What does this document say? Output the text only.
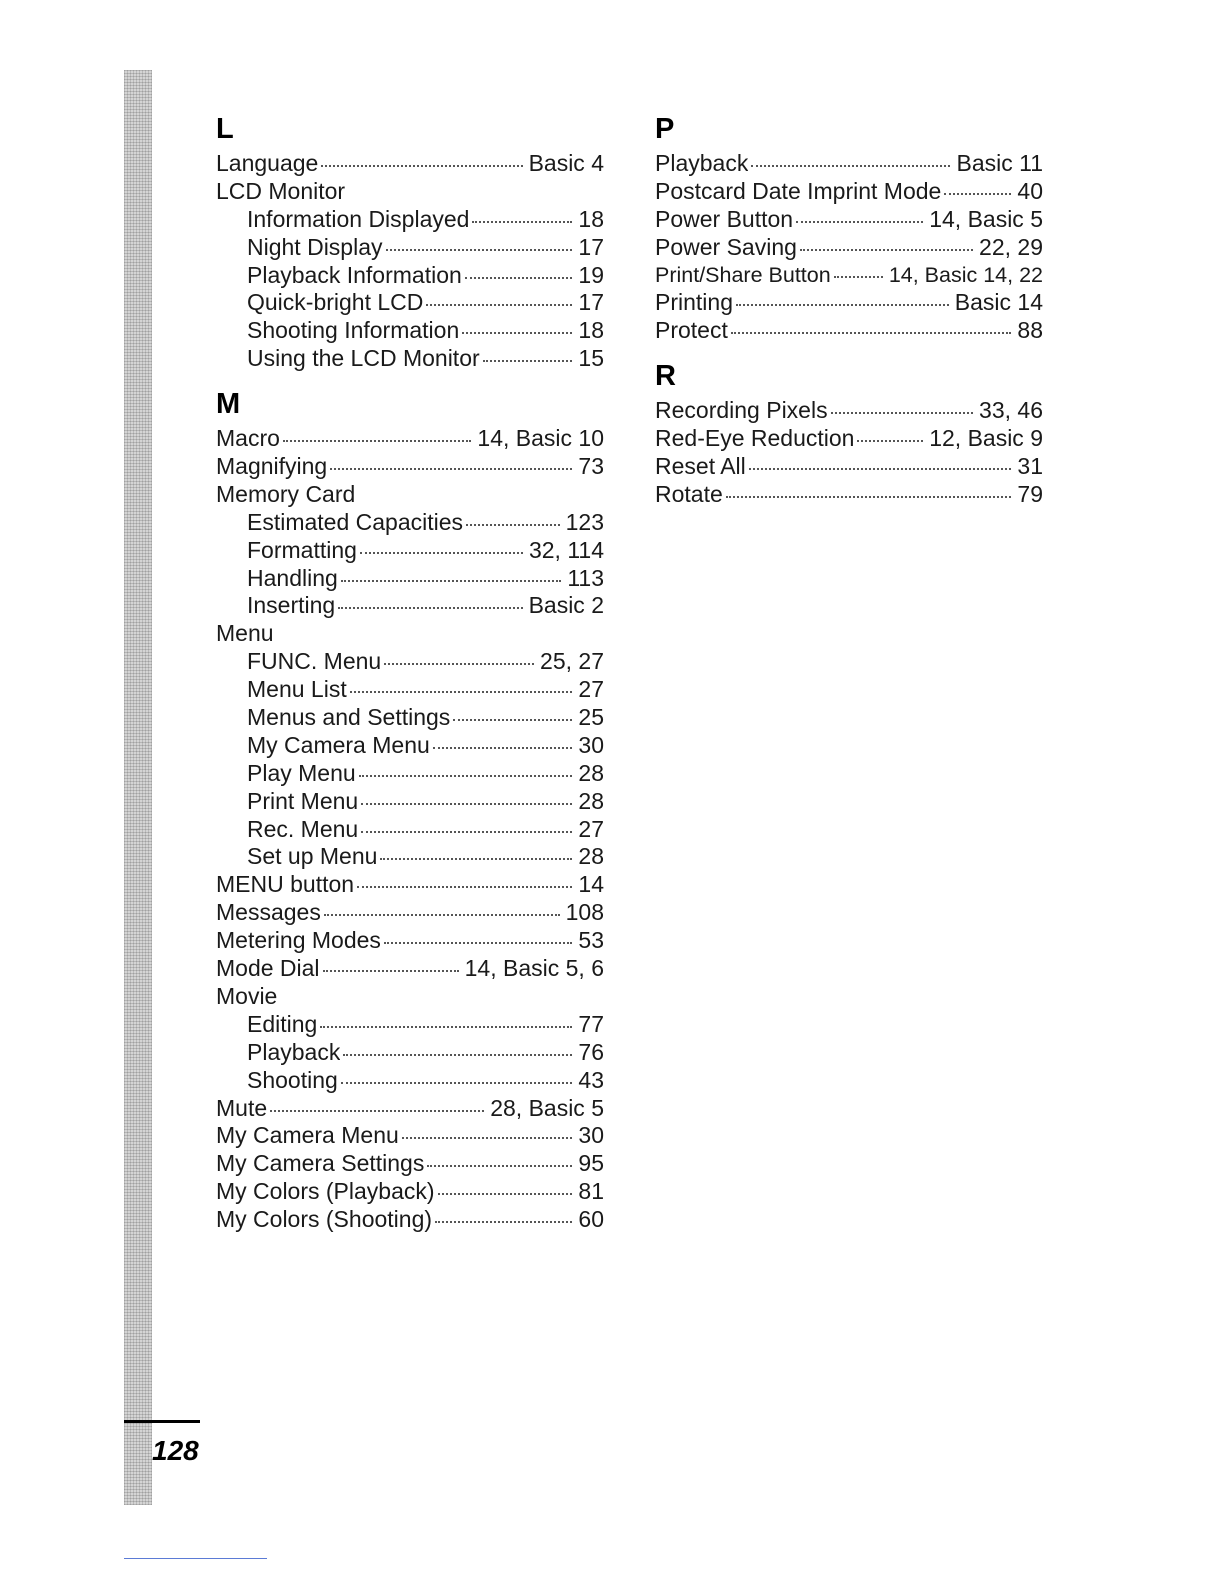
128
L
Language	Basic 4
LCD Monitor
Information Displayed	18
Night Display	17
Playback Information	19
Quick-bright LCD	17
Shooting Information	18
Using the LCD Monitor	15
M
Macro	14, Basic 10
Magnifying	73
Memory Card
Estimated Capacities	123
Formatting	32, 114
Handling	113
Inserting	Basic 2
Menu
FUNC. Menu	25, 27
Menu List	27
Menus and Settings	25
My Camera Menu	30
Play Menu	28
Print Menu	28
Rec. Menu	27
Set up Menu	28
MENU button	14
Messages	108
Metering Modes	53
Mode Dial	14, Basic 5, 6
Movie
Editing	77
Playback	76
Shooting	43
Mute	28, Basic 5
My Camera Menu	30
My Camera Settings	95
My Colors (Playback)	81
My Colors (Shooting)	60
P
Playback	Basic 11
Postcard Date Imprint Mode	40
Power Button	14, Basic 5
Power Saving	22, 29
Print/Share Button	14, Basic 14, 22
Printing	Basic 14
Protect	88
R
Recording Pixels	33, 46
Red-Eye Reduction	12, Basic 9
Reset All	31
Rotate	79
